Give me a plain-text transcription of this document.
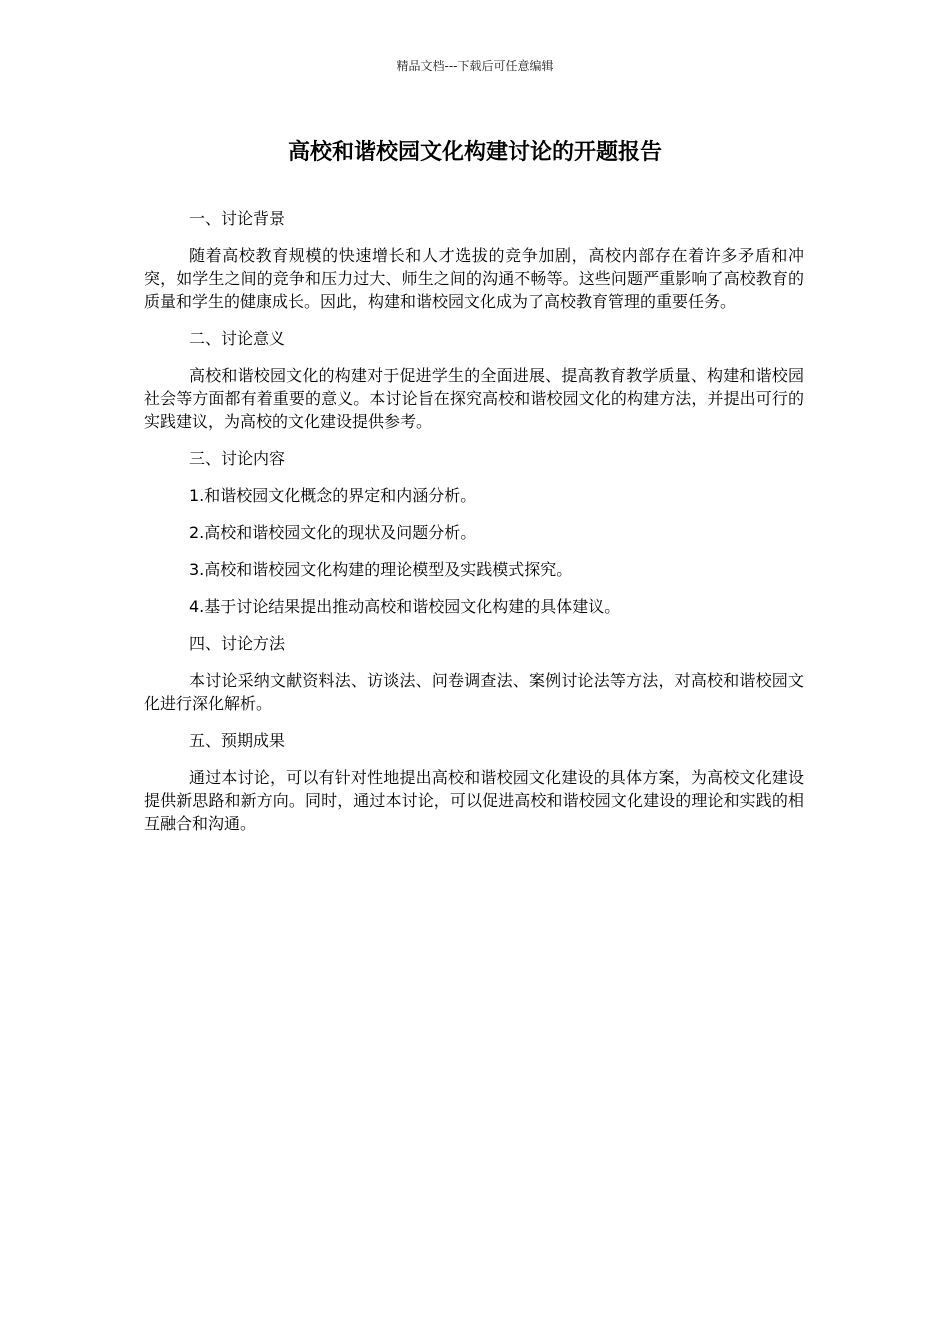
精品文档---下载后可任意编辑
高校和谐校园文化构建讨论的开题报告
一、讨论背景

随着高校教育规模的快速增长和人才选拔的竞争加剧，高校内部存在着许多矛盾和冲突，如学生之间的竞争和压力过大、师生之间的沟通不畅等。这些问题严重影响了高校教育的质量和学生的健康成长。因此，构建和谐校园文化成为了高校教育管理的重要任务。

二、讨论意义

高校和谐校园文化的构建对于促进学生的全面进展、提高教育教学质量、构建和谐校园社会等方面都有着重要的意义。本讨论旨在探究高校和谐校园文化的构建方法，并提出可行的实践建议，为高校的文化建设提供参考。

三、讨论内容

1.和谐校园文化概念的界定和内涵分析。

2.高校和谐校园文化的现状及问题分析。

3.高校和谐校园文化构建的理论模型及实践模式探究。

4.基于讨论结果提出推动高校和谐校园文化构建的具体建议。

四、讨论方法

本讨论采纳文献资料法、访谈法、问卷调查法、案例讨论法等方法，对高校和谐校园文化进行深化解析。

五、预期成果

通过本讨论，可以有针对性地提出高校和谐校园文化建设的具体方案，为高校文化建设提供新思路和新方向。同时，通过本讨论，可以促进高校和谐校园文化建设的理论和实践的相互融合和沟通。
